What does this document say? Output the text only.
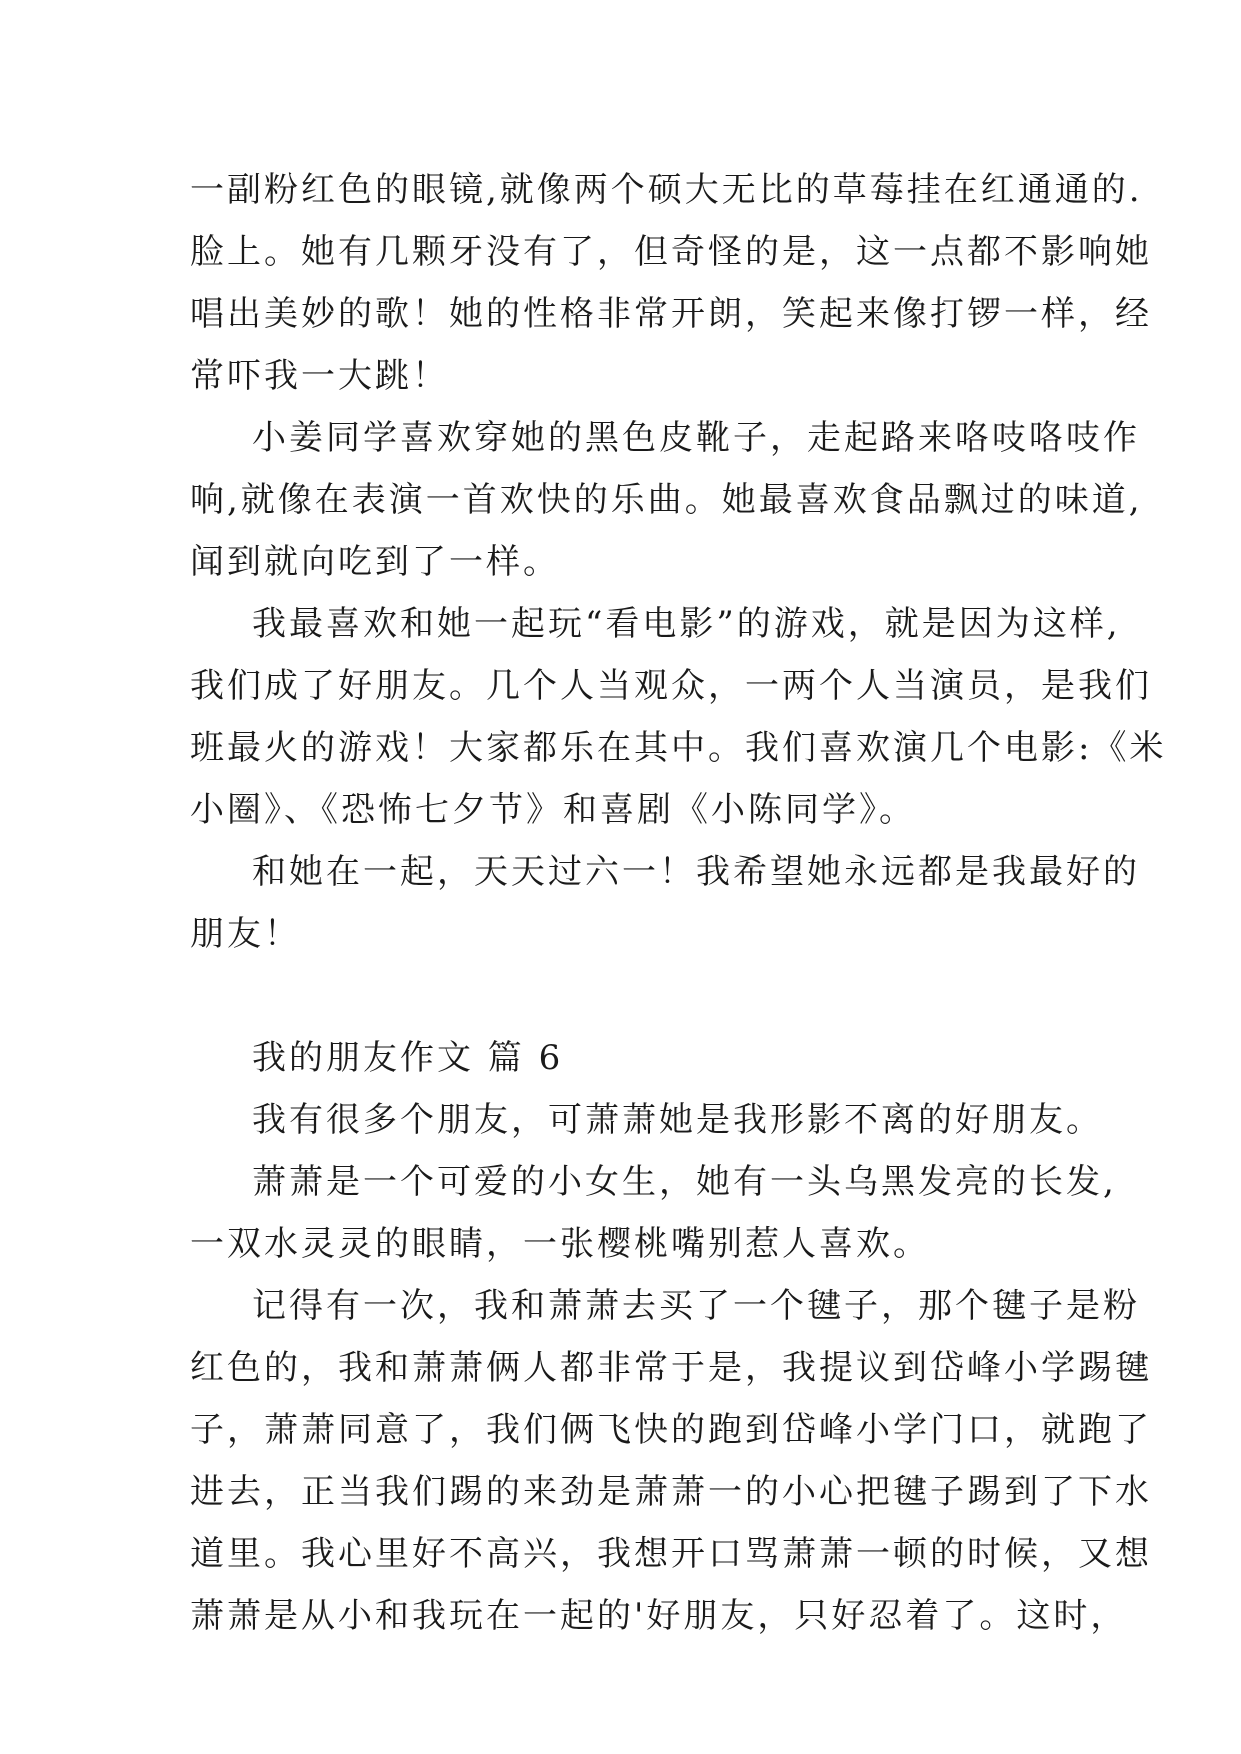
一副粉红色的眼镜,就像两个硕大无比的草莓挂在红通通的.
脸上。她有几颗牙没有了，但奇怪的是，这一点都不影响她
唱出美妙的歌！她的性格非常开朗，笑起来像打锣一样，经
常吓我一大跳！
小姜同学喜欢穿她的黑色皮靴子，走起路来咯吱咯吱作
响,就像在表演一首欢快的乐曲。她最喜欢食品飘过的味道,
闻到就向吃到了一样。
我最喜欢和她一起玩“看电影”的游戏，就是因为这样,
我们成了好朋友。几个人当观众，一两个人当演员，是我们
班最火的游戏！大家都乐在其中。我们喜欢演几个电影:《米
小圈》、《恐怖七夕节》和喜剧《小陈同学》。
和她在一起，天天过六一！我希望她永远都是我最好的
朋友！
我的朋友作文 篇 6
我有很多个朋友，可萧萧她是我形影不离的好朋友。
萧萧是一个可爱的小女生，她有一头乌黑发亮的长发,
一双水灵灵的眼睛，一张樱桃嘴别惹人喜欢。
记得有一次，我和萧萧去买了一个毽子，那个毽子是粉
红色的，我和萧萧俩人都非常于是，我提议到岱峰小学踢毽
子，萧萧同意了，我们俩飞快的跑到岱峰小学门口，就跑了
进去，正当我们踢的来劲是萧萧一的小心把毽子踢到了下水
道里。我心里好不高兴，我想开口骂萧萧一顿的时候，又想
萧萧是从小和我玩在一起的'好朋友，只好忍着了。这时，
